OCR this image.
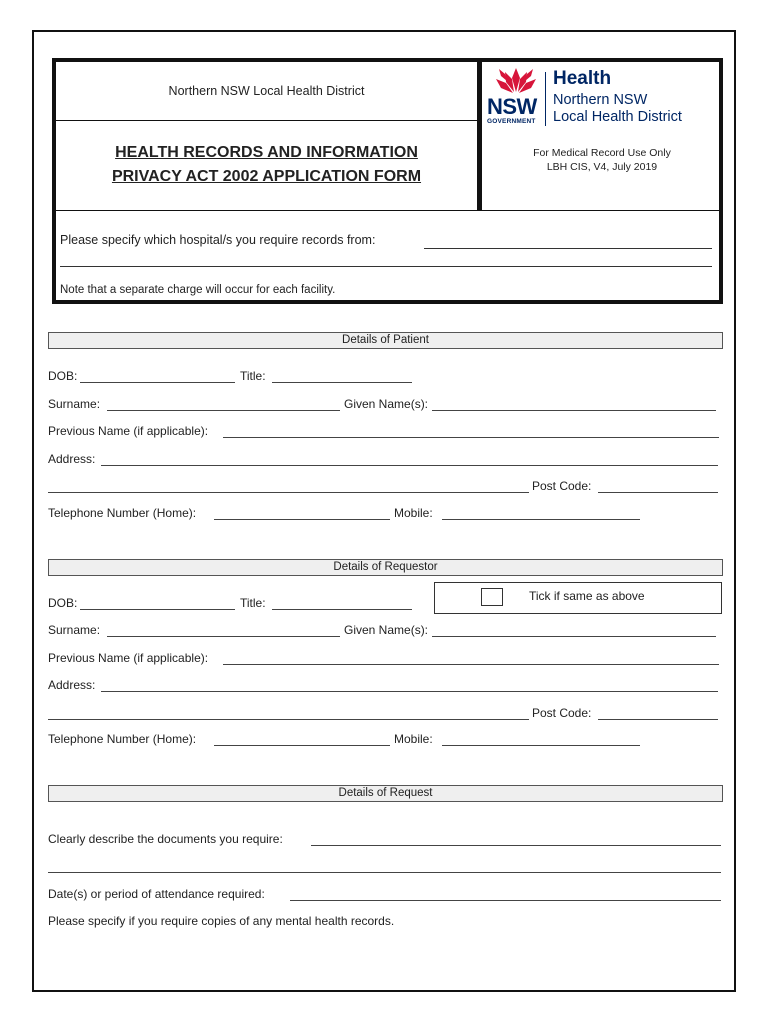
Northern NSW Local Health District
HEALTH RECORDS AND INFORMATION
PRIVACY ACT 2002 APPLICATION FORM
NSW
GOVERNMENT
Health
Northern NSW
Local Health District
For Medical Record Use Only
LBH CIS, V4, July 2019
Please specify which hospital/s you require records from:
Note that a separate charge will occur for each facility.
Details of Patient
DOB:	Title:
Surname:	Given Name(s):
Previous Name (if applicable):
Address:
Post Code:
Telephone Number (Home):	Mobile:
Details of Requestor
Tick if same as above
DOB:	Title:
Surname:	Given Name(s):
Previous Name (if applicable):
Address:
Post Code:
Telephone Number (Home):	Mobile:
Details of Request
Clearly describe the documents you require:
Date(s) or period of attendance required:
Please specify if you require copies of any mental health records.
